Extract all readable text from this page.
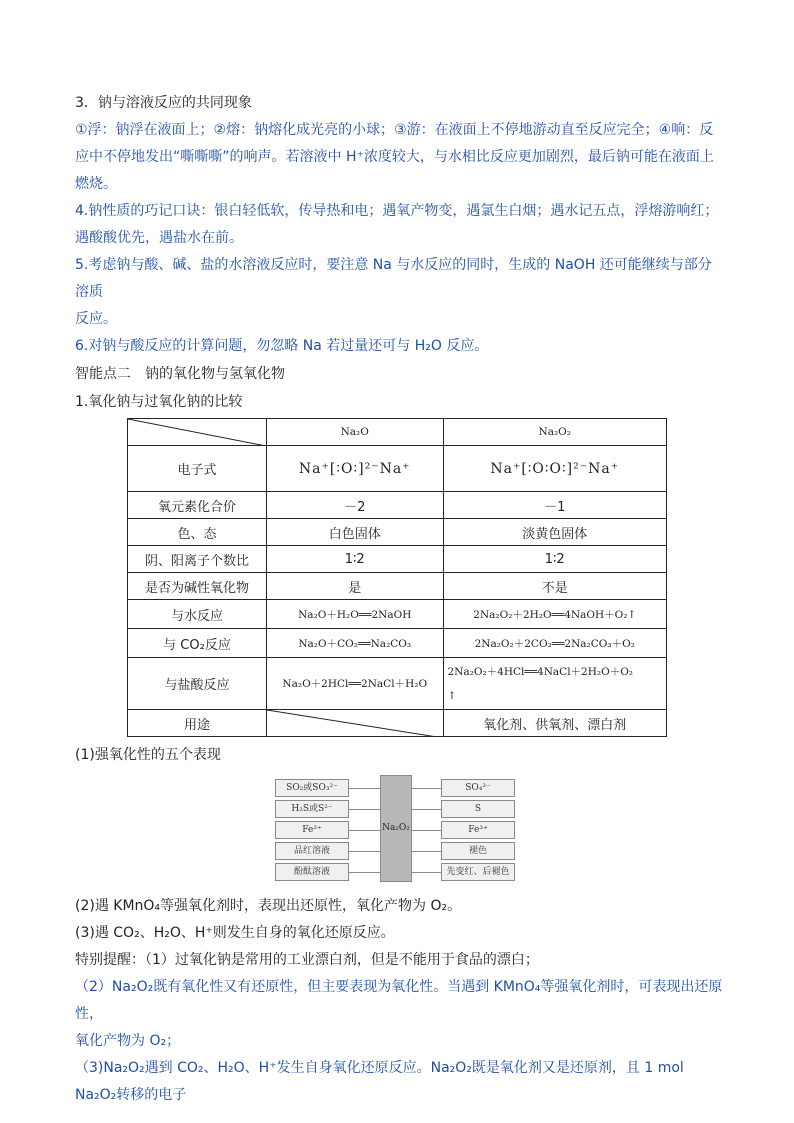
3．钠与溶液反应的共同现象

①浮：钠浮在液面上；②熔：钠熔化成光亮的小球；③游：在液面上不停地游动直至反应完全；④响：反

应中不停地发出“嘶嘶嘶”的响声。若溶液中 H⁺浓度较大，与水相比反应更加剧烈，最后钠可能在液面上

燃烧。

4.钠性质的巧记口诀：银白轻低软，传导热和电；遇氧产物变，遇氯生白烟；遇水记五点，浮熔游响红；

遇酸酸优先，遇盐水在前。

5.考虑钠与酸、碱、盐的水溶液反应时，要注意 Na 与水反应的同时，生成的 NaOH 还可能继续与部分溶质

反应。

6.对钠与酸反应的计算问题，勿忽略 Na 若过量还可与 H₂O 反应。

智能点二　钠的氧化物与氢氧化物

1.氧化钠与过氧化钠的比较

	Na₂O	Na₂O₂
电子式	Na⁺[∶O∶]²⁻Na⁺	Na⁺[∶O∶O∶]²⁻Na⁺
氧元素化合价	－2	－1
色、态	白色固体	淡黄色固体
阴、阳离子个数比	1∶2	1∶2
是否为碱性氧化物	是	不是
与水反应	Na₂O＋H₂O══2NaOH	2Na₂O₂＋2H₂O══4NaOH＋O₂↑
与 CO₂反应	Na₂O＋CO₂══Na₂CO₃	2Na₂O₂＋2CO₂══2Na₂CO₃＋O₂
与盐酸反应	Na₂O＋2HCl══2NaCl＋H₂O	2Na₂O₂＋4HCl══4NaCl＋2H₂O＋O₂
↑

用途		氧化剂、供氧剂、漂白剂

(1)强氧化性的五个表现

Na₂O₂
SO₂或SO₃²⁻
H₂S或S²⁻
Fe²⁺
品红溶液
酚酞溶液
SO₄²⁻
S
Fe³⁺
褪色
先变红、后褪色

(2)遇 KMnO₄等强氧化剂时，表现出还原性，氧化产物为 O₂。

(3)遇 CO₂、H₂O、H⁺则发生自身的氧化还原反应。

特别提醒：（1）过氧化钠是常用的工业漂白剂，但是不能用于食品的漂白；

（2）Na₂O₂既有氧化性又有还原性，但主要表现为氧化性。当遇到 KMnO₄等强氧化剂时，可表现出还原性，

氧化产物为 O₂；

（3)Na₂O₂遇到 CO₂、H₂O、H⁺发生自身氧化还原反应。Na₂O₂既是氧化剂又是还原剂，且 1 mol Na₂O₂转移的电子
